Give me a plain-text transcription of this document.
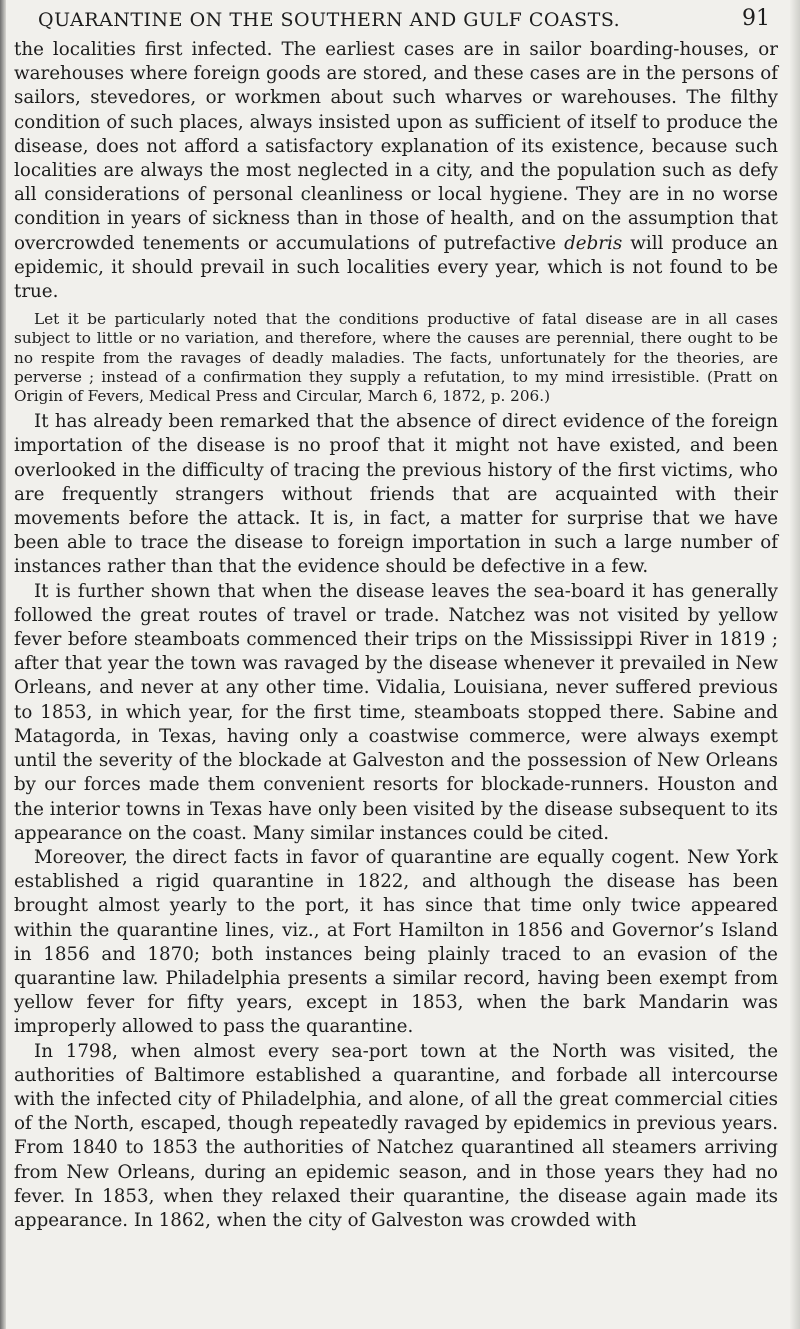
QUARANTINE ON THE SOUTHERN AND GULF COASTS.	91

the localities first infected. The earliest cases are in sailor boarding-houses, or warehouses where foreign goods are stored, and these cases are in the persons of sailors, stevedores, or workmen about such wharves or warehouses. The filthy condition of such places, always insisted upon as sufficient of itself to produce the disease, does not afford a satisfactory explanation of its existence, because such localities are always the most neglected in a city, and the population such as defy all considerations of personal cleanliness or local hygiene. They are in no worse condition in years of sickness than in those of health, and on the assumption that overcrowded tenements or accumulations of putrefactive debris will produce an epidemic, it should prevail in such localities every year, which is not found to be true.

Let it be particularly noted that the conditions productive of fatal disease are in all cases subject to little or no variation, and therefore, where the causes are perennial, there ought to be no respite from the ravages of deadly maladies. The facts, unfortunately for the theories, are perverse ; instead of a confirmation they supply a refutation, to my mind irresistible. (Pratt on Origin of Fevers, Medical Press and Circular, March 6, 1872, p. 206.)

It has already been remarked that the absence of direct evidence of the foreign importation of the disease is no proof that it might not have existed, and been overlooked in the difficulty of tracing the previous history of the first victims, who are frequently strangers without friends that are acquainted with their movements before the attack. It is, in fact, a matter for surprise that we have been able to trace the disease to foreign importation in such a large number of instances rather than that the evidence should be defective in a few.

It is further shown that when the disease leaves the sea-board it has generally followed the great routes of travel or trade. Natchez was not visited by yellow fever before steamboats commenced their trips on the Mississippi River in 1819 ; after that year the town was ravaged by the disease whenever it prevailed in New Orleans, and never at any other time. Vidalia, Louisiana, never suffered previous to 1853, in which year, for the first time, steamboats stopped there. Sabine and Matagorda, in Texas, having only a coastwise commerce, were always exempt until the severity of the blockade at Galveston and the possession of New Orleans by our forces made them convenient resorts for blockade-runners. Houston and the interior towns in Texas have only been visited by the disease subsequent to its appearance on the coast. Many similar instances could be cited.

Moreover, the direct facts in favor of quarantine are equally cogent. New York established a rigid quarantine in 1822, and although the disease has been brought almost yearly to the port, it has since that time only twice appeared within the quarantine lines, viz., at Fort Hamilton in 1856 and Governor’s Island in 1856 and 1870; both instances being plainly traced to an evasion of the quarantine law. Philadelphia presents a similar record, having been exempt from yellow fever for fifty years, except in 1853, when the bark Mandarin was improperly allowed to pass the quarantine.

In 1798, when almost every sea-port town at the North was visited, the authorities of Baltimore established a quarantine, and forbade all intercourse with the infected city of Philadelphia, and alone, of all the great commercial cities of the North, escaped, though repeatedly ravaged by epidemics in previous years. From 1840 to 1853 the authorities of Natchez quarantined all steamers arriving from New Orleans, during an epidemic season, and in those years they had no fever. In 1853, when they relaxed their quarantine, the disease again made its appearance. In 1862, when the city of Galveston was crowded with
